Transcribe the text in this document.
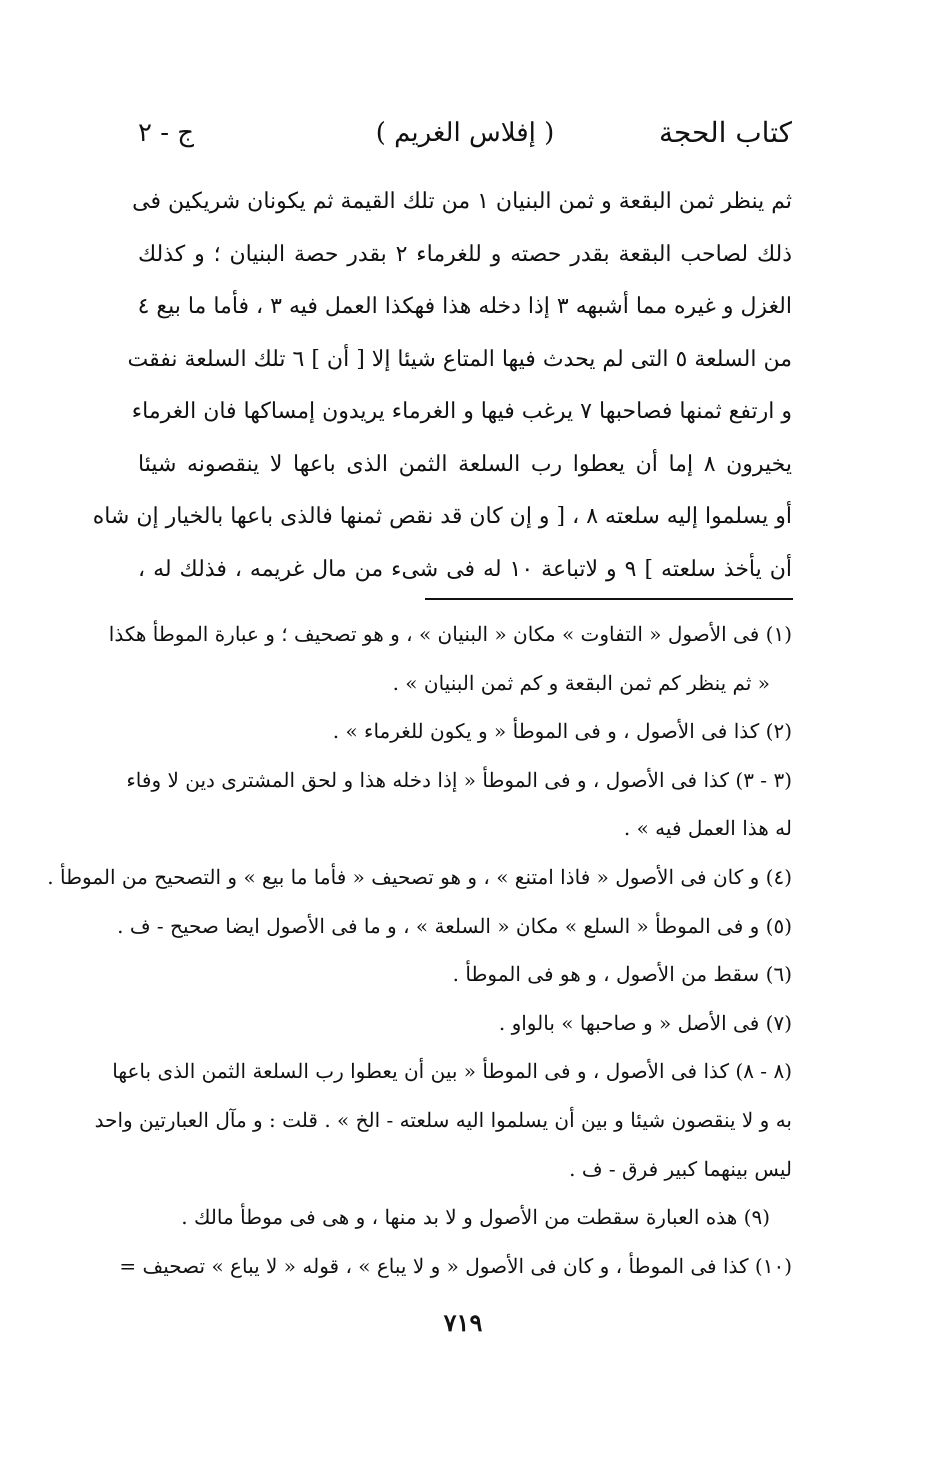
كتاب الحجة
( إفلاس الغريم )
ج - ٢
ثم ينظر ثمن البقعة و ثمن البنيان ١ من تلك القيمة ثم يكونان شريكين فى
ذلك لصاحب البقعة بقدر حصته و للغرماء ٢ بقدر حصة البنيان ؛ و كذلك
الغزل و غيره مما أشبهه ٣ إذا دخله هذا فهكذا العمل فيه ٣ ، فأما ما بيع ٤
من السلعة ٥ التى لم يحدث فيها المتاع شيئا إلا [ أن ] ٦ تلك السلعة نفقت
و ارتفع ثمنها فصاحبها ٧ يرغب فيها و الغرماء يريدون إمساكها فان الغرماء
يخيرون ٨ إما أن يعطوا رب السلعة الثمن الذى باعها لا ينقصونه شيئا
أو يسلموا إليه سلعته ٨ ، [ و إن كان قد نقص ثمنها فالذى باعها بالخيار إن شاه
أن يأخذ سلعته ] ٩ و لاتباعة ١٠ له فى شىء من مال غريمه ، فذلك له ،
(١) فى الأصول « التفاوت » مكان « البنيان » ، و هو تصحيف ؛ و عبارة الموطأ هكذا
« ثم ينظر كم ثمن البقعة و كم ثمن البنيان » .
(٢) كذا فى الأصول ، و فى الموطأ « و يكون للغرماء » .
(٣ - ٣) كذا فى الأصول ، و فى الموطأ « إذا دخله هذا و لحق المشترى دين لا وفاء
له هذا العمل فيه » .
(٤) و كان فى الأصول « فاذا امتنع » ، و هو تصحيف « فأما ما بيع » و التصحيح من الموطأ .
(٥) و فى الموطأ « السلع » مكان « السلعة » ، و ما فى الأصول ايضا صحيح - ف .
(٦) سقط من الأصول ، و هو فى الموطأ .
(٧) فى الأصل « و صاحبها » بالواو .
(٨ - ٨) كذا فى الأصول ، و فى الموطأ « بين أن يعطوا رب السلعة الثمن الذى باعها
به و لا ينقصون شيئا و بين أن يسلموا اليه سلعته - الخ » . قلت : و مآل العبارتين واحد
ليس بينهما كبير فرق - ف .
(٩) هذه العبارة سقطت من الأصول و لا بد منها ، و هى فى موطأ مالك .
(١٠) كذا فى الموطأ ، و كان فى الأصول « و لا يباع » ، قوله « لا يباع » تصحيف =
٧١٩
